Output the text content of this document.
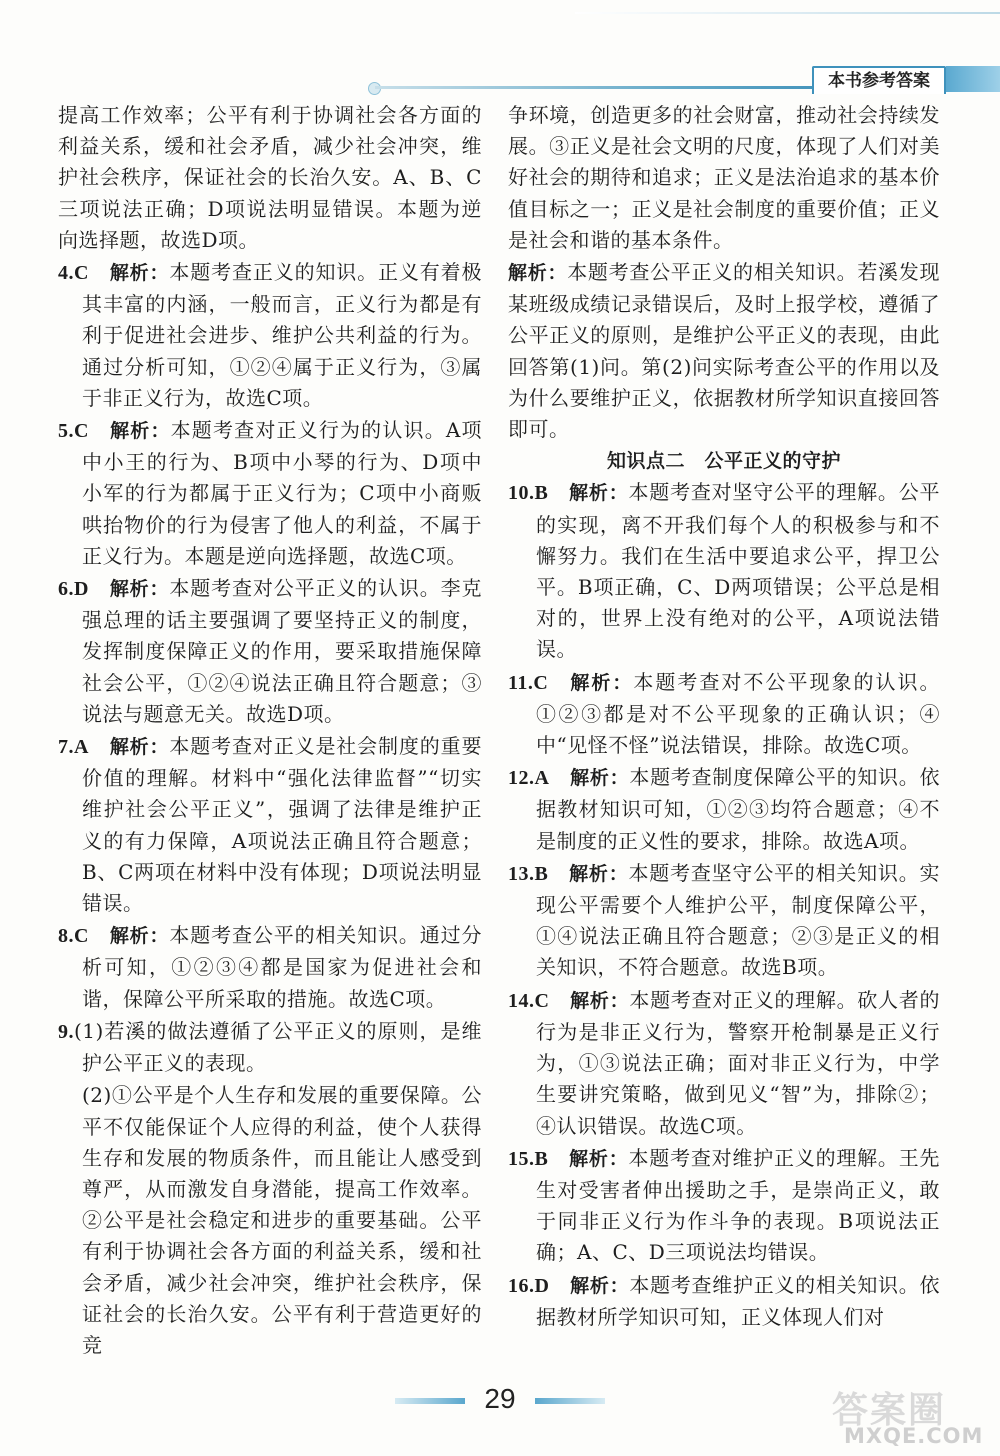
本书参考答案

提高工作效率；公平有利于协调社会各方面的利益关系，缓和社会矛盾，减少社会冲突，维护社会秩序，保证社会的长治久安。A、B、C三项说法正确；D项说法明显错误。本题为逆向选择题，故选D项。

4.C  解析：本题考查正义的知识。正义有着极其丰富的内涵，一般而言，正义行为都是有利于促进社会进步、维护公共利益的行为。通过分析可知，①②④属于正义行为，③属于非正义行为，故选C项。

5.C  解析：本题考查对正义行为的认识。A项中小王的行为、B项中小琴的行为、D项中小军的行为都属于正义行为；C项中小商贩哄抬物价的行为侵害了他人的利益，不属于正义行为。本题是逆向选择题，故选C项。

6.D  解析：本题考查对公平正义的认识。李克强总理的话主要强调了要坚持正义的制度，发挥制度保障正义的作用，要采取措施保障社会公平，①②④说法正确且符合题意；③说法与题意无关。故选D项。

7.A  解析：本题考查对正义是社会制度的重要价值的理解。材料中“强化法律监督”“切实维护社会公平正义”，强调了法律是维护正义的有力保障，A项说法正确且符合题意；B、C两项在材料中没有体现；D项说法明显错误。

8.C  解析：本题考查公平的相关知识。通过分析可知，①②③④都是国家为促进社会和谐，保障公平所采取的措施。故选C项。

9.(1)若溪的做法遵循了公平正义的原则，是维护公平正义的表现。

(2)①公平是个人生存和发展的重要保障。公平不仅能保证个人应得的利益，使个人获得生存和发展的物质条件，而且能让人感受到尊严，从而激发自身潜能，提高工作效率。②公平是社会稳定和进步的重要基础。公平有利于协调社会各方面的利益关系，缓和社会矛盾，减少社会冲突，维护社会秩序，保证社会的长治久安。公平有利于营造更好的竞

争环境，创造更多的社会财富，推动社会持续发展。③正义是社会文明的尺度，体现了人们对美好社会的期待和追求；正义是法治追求的基本价值目标之一；正义是社会制度的重要价值；正义是社会和谐的基本条件。

解析：本题考查公平正义的相关知识。若溪发现某班级成绩记录错误后，及时上报学校，遵循了公平正义的原则，是维护公平正义的表现，由此回答第(1)问。第(2)问实际考查公平的作用以及为什么要维护正义，依据教材所学知识直接回答即可。

知识点二　公平正义的守护

10.B  解析：本题考查对坚守公平的理解。公平的实现，离不开我们每个人的积极参与和不懈努力。我们在生活中要追求公平，捍卫公平。B项正确，C、D两项错误；公平总是相对的，世界上没有绝对的公平，A项说法错误。

11.C  解析：本题考查对不公平现象的认识。①②③都是对不公平现象的正确认识；④中“见怪不怪”说法错误，排除。故选C项。

12.A  解析：本题考查制度保障公平的知识。依据教材知识可知，①②③均符合题意；④不是制度的正义性的要求，排除。故选A项。

13.B  解析：本题考查坚守公平的相关知识。实现公平需要个人维护公平，制度保障公平，①④说法正确且符合题意；②③是正义的相关知识，不符合题意。故选B项。

14.C  解析：本题考查对正义的理解。砍人者的行为是非正义行为，警察开枪制暴是正义行为，①③说法正确；面对非正义行为，中学生要讲究策略，做到见义“智”为，排除②；④认识错误。故选C项。

15.B  解析：本题考查对维护正义的理解。王先生对受害者伸出援助之手，是崇尚正义，敢于同非正义行为作斗争的表现。B项说法正确；A、C、D三项说法均错误。

16.D  解析：本题考查维护正义的相关知识。依据教材所学知识可知，正义体现人们对

29	答案圈
MXQE.COM
